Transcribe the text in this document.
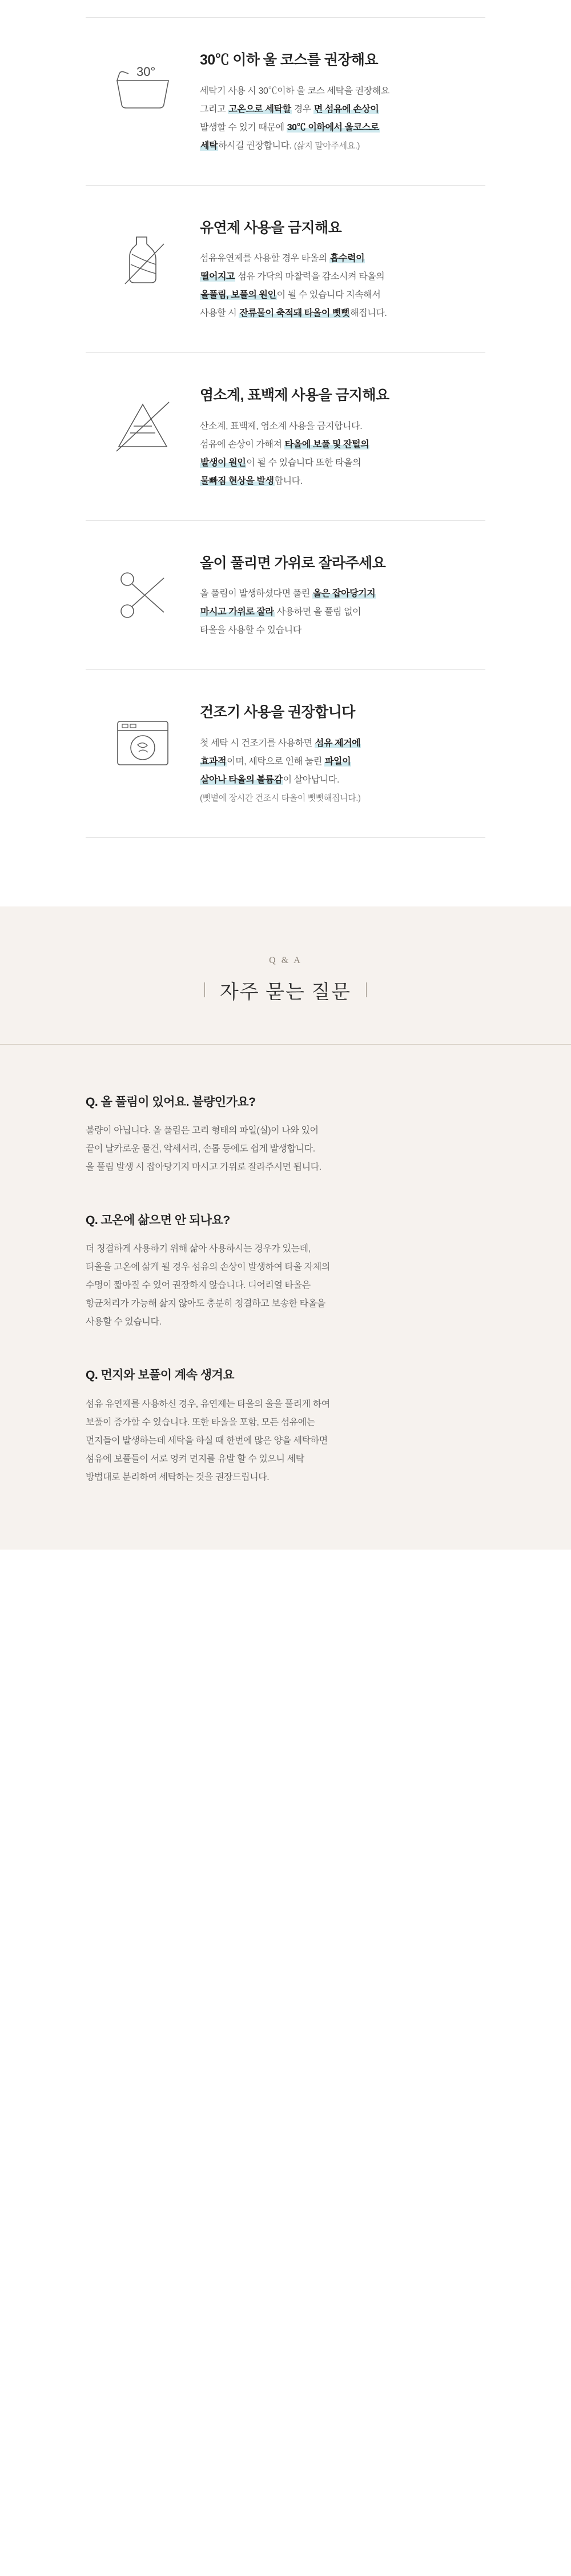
30°
30℃ 이하 울 코스를 권장해요

세탁기 사용 시 30℃이하 울 코스 세탁을 권장해요
그리고 고온으로 세탁할 경우 면 섬유에 손상이
발생할 수 있기 때문에 30℃ 이하에서 울코스로
세탁하시길 권장합니다. (삶지 말아주세요.)

유연제 사용을 금지해요

섬유유연제를 사용할 경우 타올의 흡수력이
떨어지고 섬유 가닥의 마찰력을 감소시켜 타올의
올풀림, 보풀의 원인이 될 수 있습니다 지속해서
사용할 시 잔류물이 축적돼 타올이 뻣뻣해집니다.

염소계, 표백제 사용을 금지해요

산소계, 표백제, 염소계 사용을 금지합니다.
섬유에 손상이 가해져 타올에 보풀 및 잔털의
발생이 원인이 될 수 있습니다 또한 타올의
물빠짐 현상을 발생합니다.

올이 풀리면 가위로 잘라주세요

올 풀림이 발생하셨다면 풀린 올은 잡아당기지
마시고 가위로 잘라 사용하면 올 풀림 없이
타올을 사용할 수 있습니다

건조기 사용을 권장합니다

첫 세탁 시 건조기를 사용하면 섬유 제거에
효과적이며, 세탁으로 인해 눌린 파일이
살아나 타올의 볼륨감이 살아납니다.
(뻣볕에 장시간 건조시 타올이 뻣뻣해집니다.)

Q & A
자주 묻는 질문
Q. 올 풀림이 있어요. 불량인가요?

불량이 아닙니다. 올 풀림은 고리 형태의 파일(실)이 나와 있어
끝이 날카로운 물건, 악세서리, 손톱 등에도 쉽게 발생합니다.
올 풀림 발생 시 잡아당기지 마시고 가위로 잘라주시면 됩니다.

Q. 고온에 삶으면 안 되나요?

더 청결하게 사용하기 위해 삶아 사용하시는 경우가 있는데,
타올을 고온에 삶게 될 경우 섬유의 손상이 발생하여 타올 자체의
수명이 짧아질 수 있어 권장하지 않습니다. 디어리얼 타올은
항균처리가 가능해 삶지 않아도 충분히 청결하고 보송한 타올을
사용할 수 있습니다.

Q. 먼지와 보풀이 계속 생겨요

섬유 유연제를 사용하신 경우, 유연제는 타올의 올을 풀리게 하여
보풀이 증가할 수 있습니다. 또한 타올을 포함, 모든 섬유에는
먼지들이 발생하는데 세탁을 하실 때 한번에 많은 양을 세탁하면
섬유에 보풀들이 서로 엉켜 먼지를 유발 할 수 있으니 세탁
방법대로 분리하여 세탁하는 것을 권장드립니다.
